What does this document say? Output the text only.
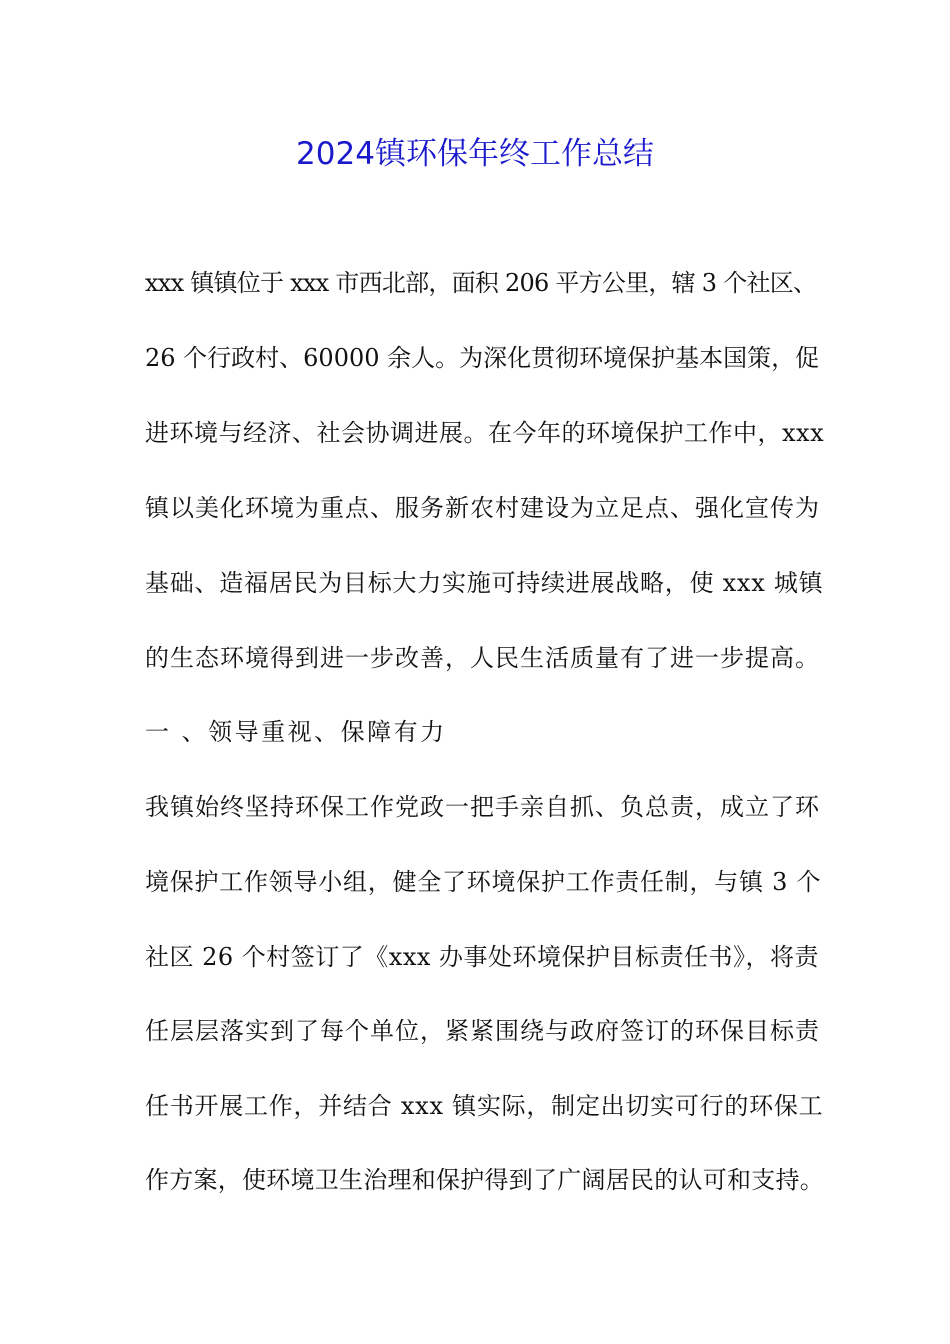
2024镇环保年终工作总结
xxx 镇镇位于 xxx 市西北部，面积 206 平方公里，辖 3 个社区、
26 个行政村、60000 余人。为深化贯彻环境保护基本国策，促
进环境与经济、社会协调进展。在今年的环境保护工作中，xxx
镇以美化环境为重点、服务新农村建设为立足点、强化宣传为
基础、造福居民为目标大力实施可持续进展战略，使 xxx 城镇
的生态环境得到进一步改善，人民生活质量有了进一步提高。
一 、领导重视、保障有力
我镇始终坚持环保工作党政一把手亲自抓、负总责，成立了环
境保护工作领导小组，健全了环境保护工作责任制，与镇 3 个
社区 26 个村签订了《xxx 办事处环境保护目标责任书》，将责
任层层落实到了每个单位，紧紧围绕与政府签订的环保目标责
任书开展工作，并结合 xxx 镇实际，制定出切实可行的环保工
作方案，使环境卫生治理和保护得到了广阔居民的认可和支持。
